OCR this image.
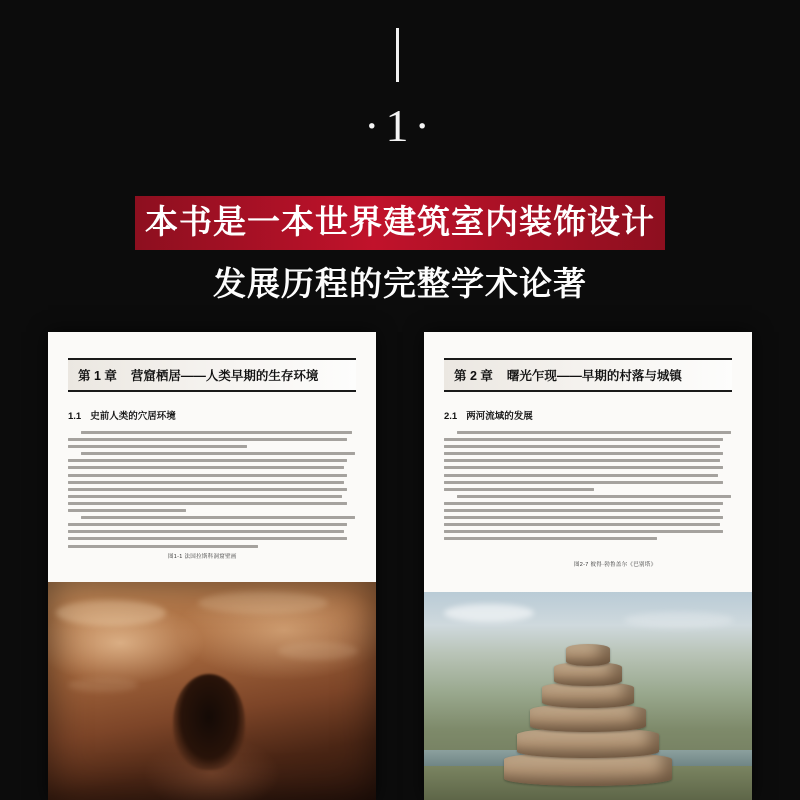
·1·
本书是一本世界建筑室内装饰设计
发展历程的完整学术论著
第 1 章	营窟栖居——人类早期的生存环境
1.1 史前人类的穴居环境
图1-1 法国拉斯科洞窟壁画
第 2 章	曙光乍现——早期的村落与城镇
2.1 两河流域的发展
图2-7 彼得·勃鲁盖尔《巴别塔》
